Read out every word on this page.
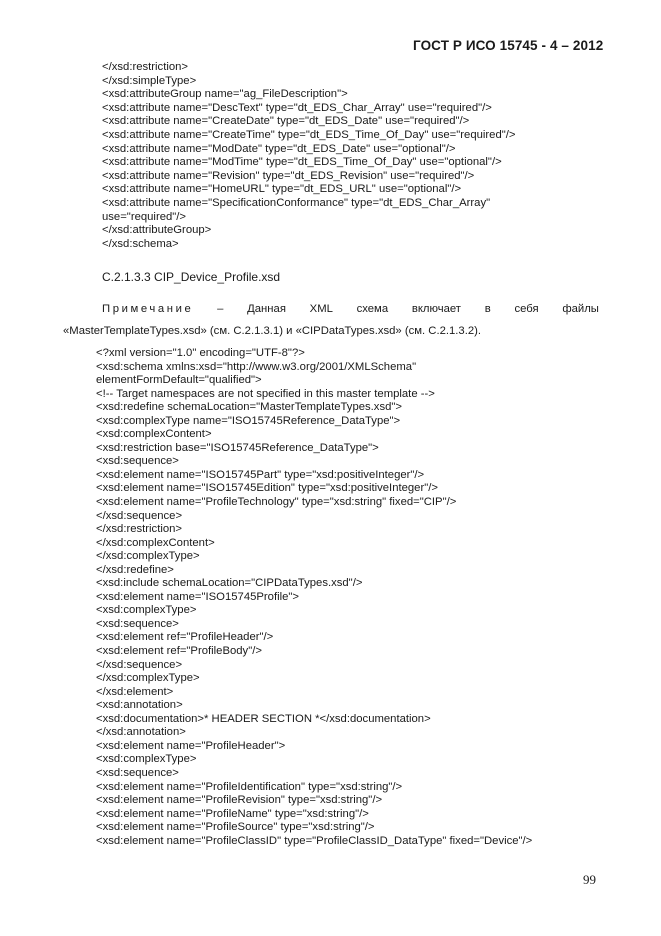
ГОСТ Р ИСО 15745 - 4 – 2012
</xsd:restriction>
</xsd:simpleType>
<xsd:attributeGroup name="ag_FileDescription">
<xsd:attribute name="DescText" type="dt_EDS_Char_Array" use="required"/>
<xsd:attribute name="CreateDate" type="dt_EDS_Date" use="required"/>
<xsd:attribute name="CreateTime" type="dt_EDS_Time_Of_Day" use="required"/>
<xsd:attribute name="ModDate" type="dt_EDS_Date" use="optional"/>
<xsd:attribute name="ModTime" type="dt_EDS_Time_Of_Day" use="optional"/>
<xsd:attribute name="Revision" type="dt_EDS_Revision" use="required"/>
<xsd:attribute name="HomeURL" type="dt_EDS_URL" use="optional"/>
<xsd:attribute name="SpecificationConformance" type="dt_EDS_Char_Array"
use="required"/>
</xsd:attributeGroup>
</xsd:schema>
C.2.1.3.3 CIP_Device_Profile.xsd
Примечание – Данная XML схема включает в себя файлы
«MasterTemplateTypes.xsd» (см. C.2.1.3.1) и «CIPDataTypes.xsd» (см. C.2.1.3.2).
<?xml version="1.0" encoding="UTF-8"?>
<xsd:schema xmlns:xsd="http://www.w3.org/2001/XMLSchema"
elementFormDefault="qualified">
<!-- Target namespaces are not specified in this master template -->
<xsd:redefine schemaLocation="MasterTemplateTypes.xsd">
<xsd:complexType name="ISO15745Reference_DataType">
<xsd:complexContent>
<xsd:restriction base="ISO15745Reference_DataType">
<xsd:sequence>
<xsd:element name="ISO15745Part" type="xsd:positiveInteger"/>
<xsd:element name="ISO15745Edition" type="xsd:positiveInteger"/>
<xsd:element name="ProfileTechnology" type="xsd:string" fixed="CIP"/>
</xsd:sequence>
</xsd:restriction>
</xsd:complexContent>
</xsd:complexType>
</xsd:redefine>
<xsd:include schemaLocation="CIPDataTypes.xsd"/>
<xsd:element name="ISO15745Profile">
<xsd:complexType>
<xsd:sequence>
<xsd:element ref="ProfileHeader"/>
<xsd:element ref="ProfileBody"/>
</xsd:sequence>
</xsd:complexType>
</xsd:element>
<xsd:annotation>
<xsd:documentation>* HEADER SECTION *</xsd:documentation>
</xsd:annotation>
<xsd:element name="ProfileHeader">
<xsd:complexType>
<xsd:sequence>
<xsd:element name="ProfileIdentification" type="xsd:string"/>
<xsd:element name="ProfileRevision" type="xsd:string"/>
<xsd:element name="ProfileName" type="xsd:string"/>
<xsd:element name="ProfileSource" type="xsd:string"/>
<xsd:element name="ProfileClassID" type="ProfileClassID_DataType" fixed="Device"/>
99
